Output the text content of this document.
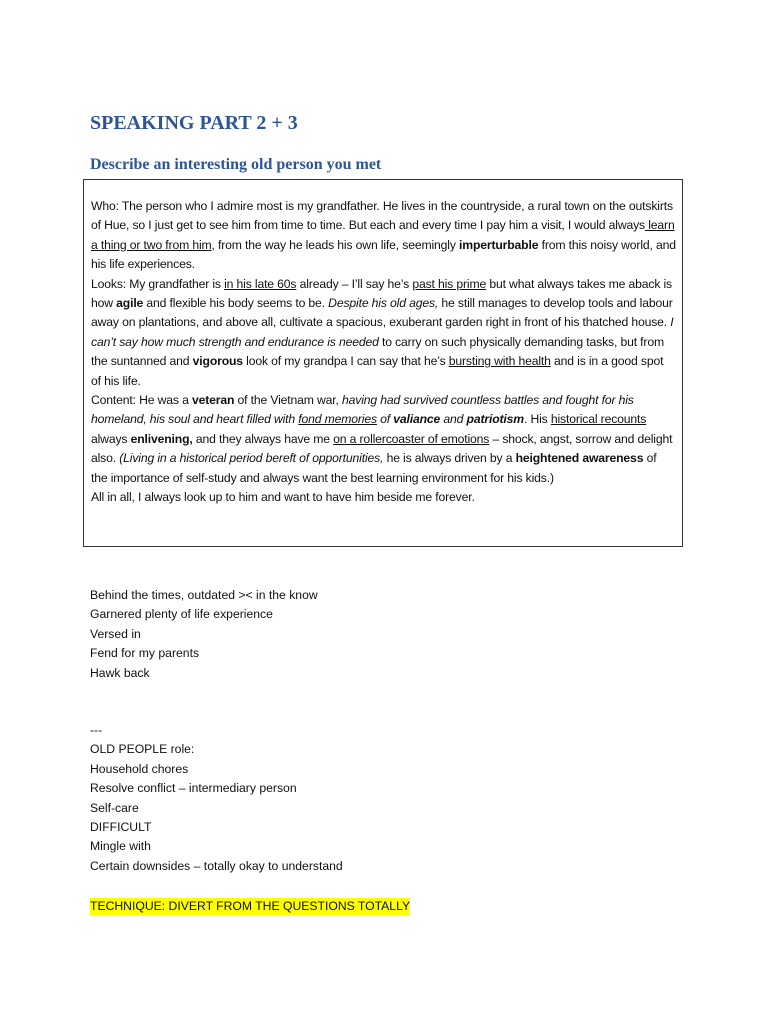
SPEAKING PART 2 + 3
Describe an interesting old person you met

Who: The person who I admire most is my grandfather. He lives in the countryside, a rural town on the outskirts of Hue, so I just get to see him from time to time. But each and every time I pay him a visit, I would always learn a thing or two from him, from the way he leads his own life, seemingly imperturbable from this noisy world, and his life experiences.

Looks: My grandfather is in his late 60s already – I’ll say he’s past his prime but what always takes me aback is how agile and flexible his body seems to be. Despite his old ages, he still manages to develop tools and labour away on plantations, and above all, cultivate a spacious, exuberant garden right in front of his thatched house. I can’t say how much strength and endurance is needed to carry on such physically demanding tasks, but from the suntanned and vigorous look of my grandpa I can say that he’s bursting with health and is in a good spot of his life.

Content: He was a veteran of the Vietnam war, having had survived countless battles and fought for his homeland, his soul and heart filled with fond memories of valiance and patriotism. His historical recounts always enlivening, and they always have me on a rollercoaster of emotions – shock, angst, sorrow and delight also. (Living in a historical period bereft of opportunities, he is always driven by a heightened awareness of the importance of self-study and always want the best learning environment for his kids.)

All in all, I always look up to him and want to have him beside me forever.

Behind the times, outdated >< in the know
Garnered plenty of life experience
Versed in
Fend for my parents
Hawk back
---
OLD PEOPLE role:
Household chores
Resolve conflict – intermediary person
Self-care
DIFFICULT
Mingle with
Certain downsides – totally okay to understand
TECHNIQUE: DIVERT FROM THE QUESTIONS TOTALLY
